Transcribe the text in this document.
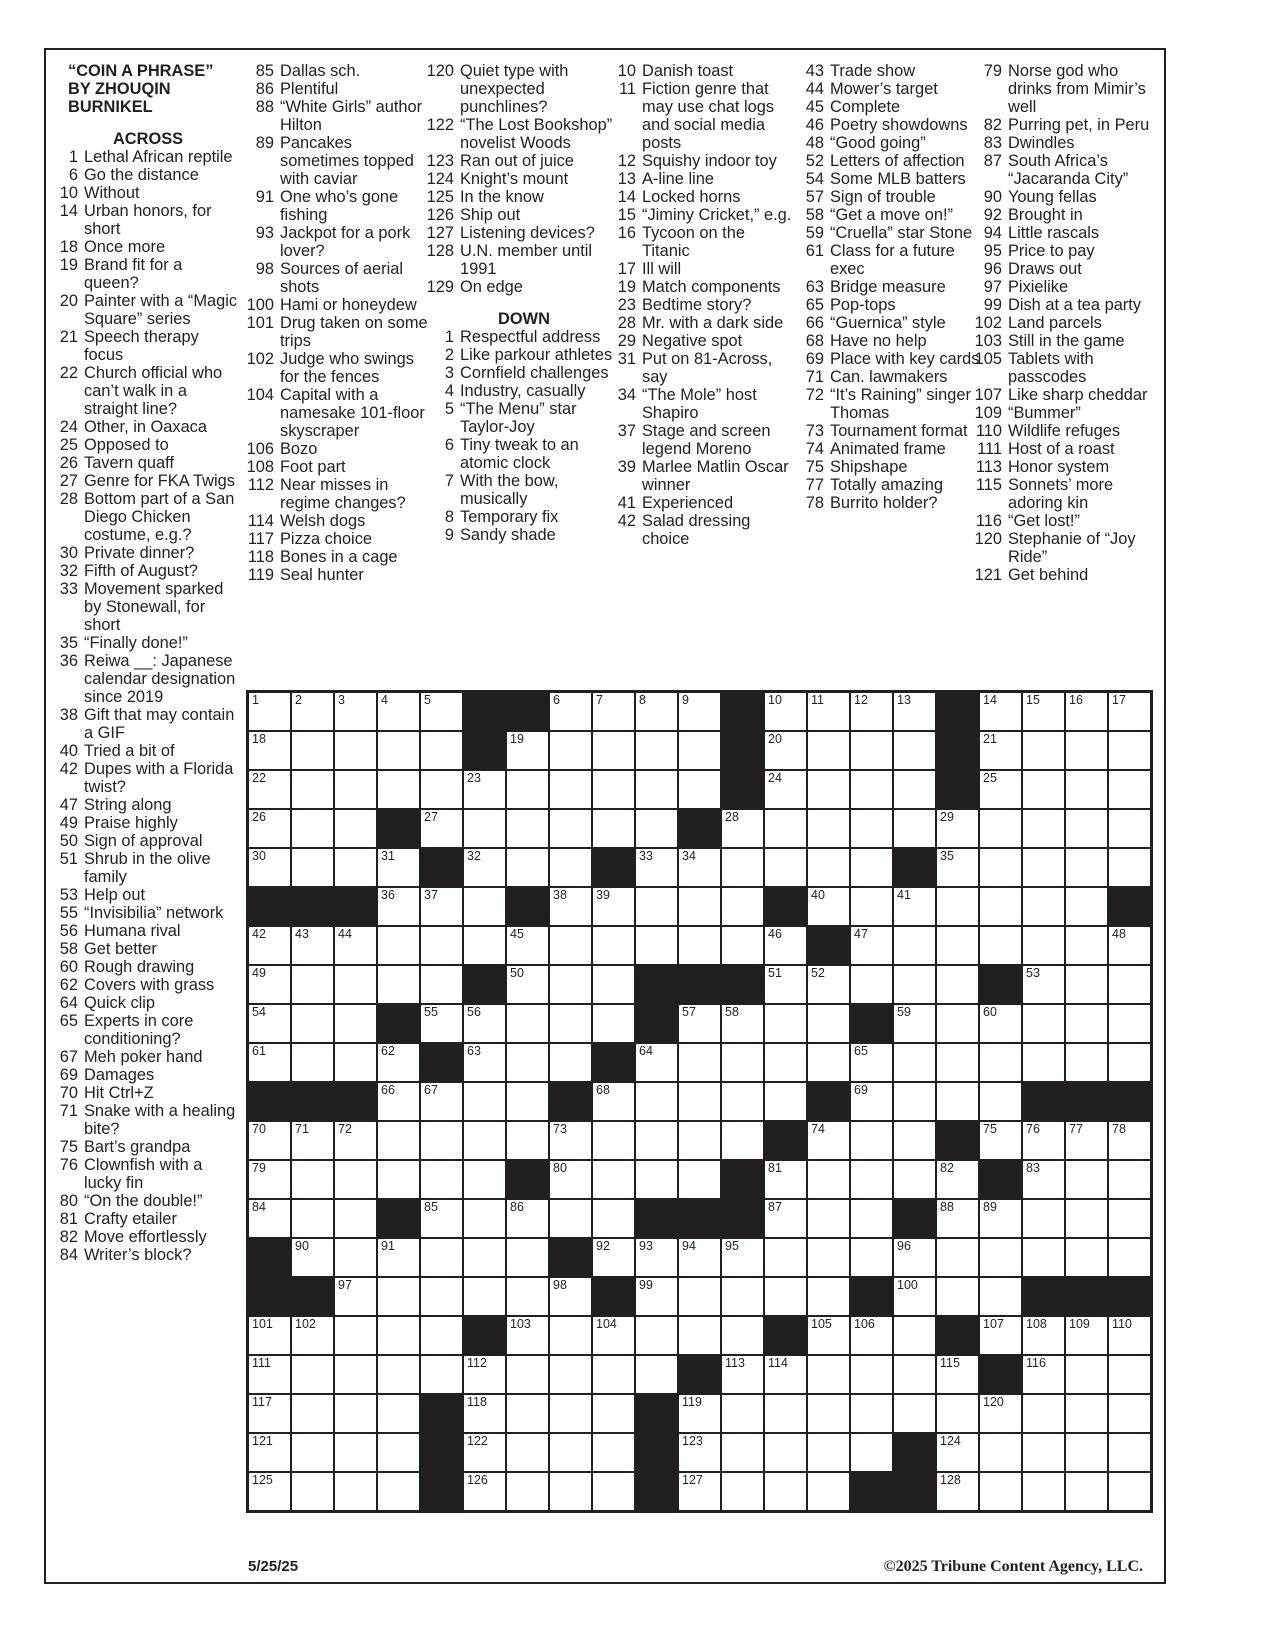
“COIN A PHRASE”
BY ZHOUQIN
BURNIKEL
ACROSS
1 Lethal African reptile
6 Go the distance
10 Without
14 Urban honors, for short
18 Once more
19 Brand fit for a queen?
20 Painter with a “Magic Square” series
21 Speech therapy focus
22 Church official who can’t walk in a straight line?
24 Other, in Oaxaca
25 Opposed to
26 Tavern quaff
27 Genre for FKA Twigs
28 Bottom part of a San Diego Chicken costume, e.g.?
30 Private dinner?
32 Fifth of August?
33 Movement sparked by Stonewall, for short
35 “Finally done!”
36 Reiwa __: Japanese calendar designation since 2019
38 Gift that may contain a GIF
40 Tried a bit of
42 Dupes with a Florida twist?
47 String along
49 Praise highly
50 Sign of approval
51 Shrub in the olive family
53 Help out
55 “Invisibilia” network
56 Humana rival
58 Get better
60 Rough drawing
62 Covers with grass
64 Quick clip
65 Experts in core conditioning?
67 Meh poker hand
69 Damages
70 Hit Ctrl+Z
71 Snake with a healing bite?
75 Bart’s grandpa
76 Clownfish with a lucky fin
80 “On the double!”
81 Crafty etailer
82 Move effortlessly
84 Writer’s block?
85 Dallas sch.
86 Plentiful
88 “White Girls” author Hilton
89 Pancakes sometimes topped with caviar
91 One who’s gone fishing
93 Jackpot for a pork lover?
98 Sources of aerial shots
100 Hami or honeydew
101 Drug taken on some trips
102 Judge who swings for the fences
104 Capital with a namesake 101-floor skyscraper
106 Bozo
108 Foot part
112 Near misses in regime changes?
114 Welsh dogs
117 Pizza choice
118 Bones in a cage
119 Seal hunter
120 Quiet type with unexpected punchlines?
122 “The Lost Bookshop” novelist Woods
123 Ran out of juice
124 Knight’s mount
125 In the know
126 Ship out
127 Listening devices?
128 U.N. member until 1991
129 On edge
DOWN
1 Respectful address
2 Like parkour athletes
3 Cornfield challenges
4 Industry, casually
5 “The Menu” star Taylor-Joy
6 Tiny tweak to an atomic clock
7 With the bow, musically
8 Temporary fix
9 Sandy shade
10 Danish toast
11 Fiction genre that may use chat logs and social media posts
12 Squishy indoor toy
13 A-line line
14 Locked horns
15 “Jiminy Cricket,” e.g.
16 Tycoon on the Titanic
17 Ill will
19 Match components
23 Bedtime story?
28 Mr. with a dark side
29 Negative spot
31 Put on 81-Across, say
34 “The Mole” host Shapiro
37 Stage and screen legend Moreno
39 Marlee Matlin Oscar winner
41 Experienced
42 Salad dressing choice
43 Trade show
44 Mower’s target
45 Complete
46 Poetry showdowns
48 “Good going”
52 Letters of affection
54 Some MLB batters
57 Sign of trouble
58 “Get a move on!”
59 “Cruella” star Stone
61 Class for a future exec
63 Bridge measure
65 Pop-tops
66 “Guernica” style
68 Have no help
69 Place with key cards
71 Can. lawmakers
72 “It’s Raining” singer Thomas
73 Tournament format
74 Animated frame
75 Shipshape
77 Totally amazing
78 Burrito holder?
79 Norse god who drinks from Mimir’s well
82 Purring pet, in Peru
83 Dwindles
87 South Africa’s “Jacaranda City”
90 Young fellas
92 Brought in
94 Little rascals
95 Price to pay
96 Draws out
97 Pixielike
99 Dish at a tea party
102 Land parcels
103 Still in the game
105 Tablets with passcodes
107 Like sharp cheddar
109 “Bummer”
110 Wildlife refuges
111 Host of a roast
113 Honor system
115 Sonnets’ more adoring kin
116 “Get lost!”
120 Stephanie of “Joy Ride”
121 Get behind
1	2	3	4	5	6	7	8	9	10 11 12 13	14 15 16 17
18	19	20	21
22	23	24	25
26	27	28	29
30	31	32	33 34	35
36 37	38 39	40	41
42 43 44	45	46	47	48
49	50	51 52	53
54	55 56	57 58	59	60
61	62	63	64	65
66 67	68	69
70 71 72	73	74	75 76 77 78
79	80	81	82	83
84	85	86	87	88 89
90	91	92 93 94 95	96
97	98	99	100
101 102	103	104	105 106	107 108 109 110
111	112	113 114	115	116
117	118	119	120
121	122	123	124
125	126	127	128
5/25/25	©2025 Tribune Content Agency, LLC.
